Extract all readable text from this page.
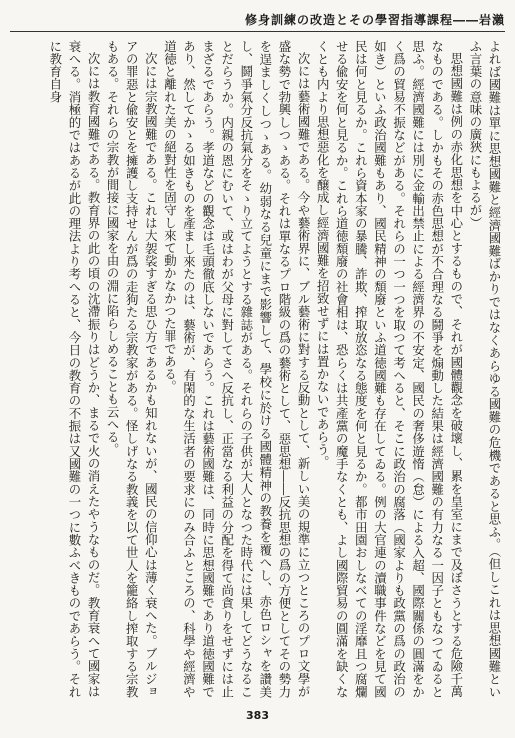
修身訓練の改造とその學習指導課程――岩瀨

よれば國難は單に思想國難と經濟國難ばかりではなくあらゆる國難の危機であると思ふ。（但しこれは思想國難といふ言葉の意味の廣狹にもよるが）

思想國難は例の赤化思想を中心とするもので、それが國體觀念を破壞し、累を皇室にまで及ぼさうとする危險千萬なものである。しかもその赤色思想が不合理なる鬪爭を煽動した結果は經濟國難の有力なる一因子ともなつてゐると思ふ。經濟國難には別に金輸出禁止による經濟界の不安定、國民の奢侈遊惰（怠）による入超、國際關係の圓滿をかく爲の貿易不振などがある。それらの一つ一つを取つて考へると、そこに政治の腐落（國家よりも政黨の爲の政治の如き）といふ政治國難もあり、國民精神の頽廢といふ道徳國難も存在してゐる。例の大官連の瀆職事件などを見て國民は何と見るか。これら資本家の暴騰、詐欺、搾取放恣なる態度を何と見るか。都市田園おしなべての淫靡且つ腐爛せる偸安を何と見るか。これら道徳頽廢の社會相は、恐らくは共產黨の魔手なくとも、よし國際貿易の圓滿を缺くなくとも内より思想惡化を醸成し經濟國難を招致せずには置かないであらう。

次には藝術國難である。今や藝術界に、ブル藝術に對する反動として、新しい美の規準に立つところのプロ文學が盛な勢で勃興しつゝある。それは單なるプロ階級の爲の藝術として、惡思想――反抗思想の爲の方便としてその勢力を逞ましくしつゝある。幼弱なる兒童にまで影響して、學校に於ける國體精神の教養を覆へし、赤色ロシャを讚美し、鬪爭氣分反抗氣分をそゝり立てようとする雜誌がある。それらの子供が大人となつた時代には果してどうなることだらうか。内親の恩にむいて、或はわが父母に對してさへ反抗し、正當なる利益の分配を得て尚貪りをせずには止まざるであらう。孝道などの觀念は毛頭徹底しないであらう。これは藝術國難は、同時に思想國難であり道徳國難であり、然してかゝる如きものを產まし來たのは、藝術が、有閑的な生活者の要求にのみ合ふところの、科學や經濟や道徳と離れた美の絕對性を固守し來て動かなかつた罪である。

次には宗教國難である。これは大袈裟すぎる思ひ方であるかも知れないが、國民の信仰心は薄く衰へた。ブルジョアの罪惡と偸安とを擁護し支持せんが爲の走狗たる宗教家がある。怪しげなる教義を以て世人を籠絡し搾取する宗教もある。それらの宗教が間接に國家を由の淵に陷らしめることも云へる。

次には教育國難である。教育界の此の頃の沈滯振りはどうか、まるで火の消えたやうなものだ。教育衰へて國家は衰へる。消極的ではあるが此の理法より考へると、今日の教育の不振は又國難の一つに數ふべきものであらう。それに教育自身

383
